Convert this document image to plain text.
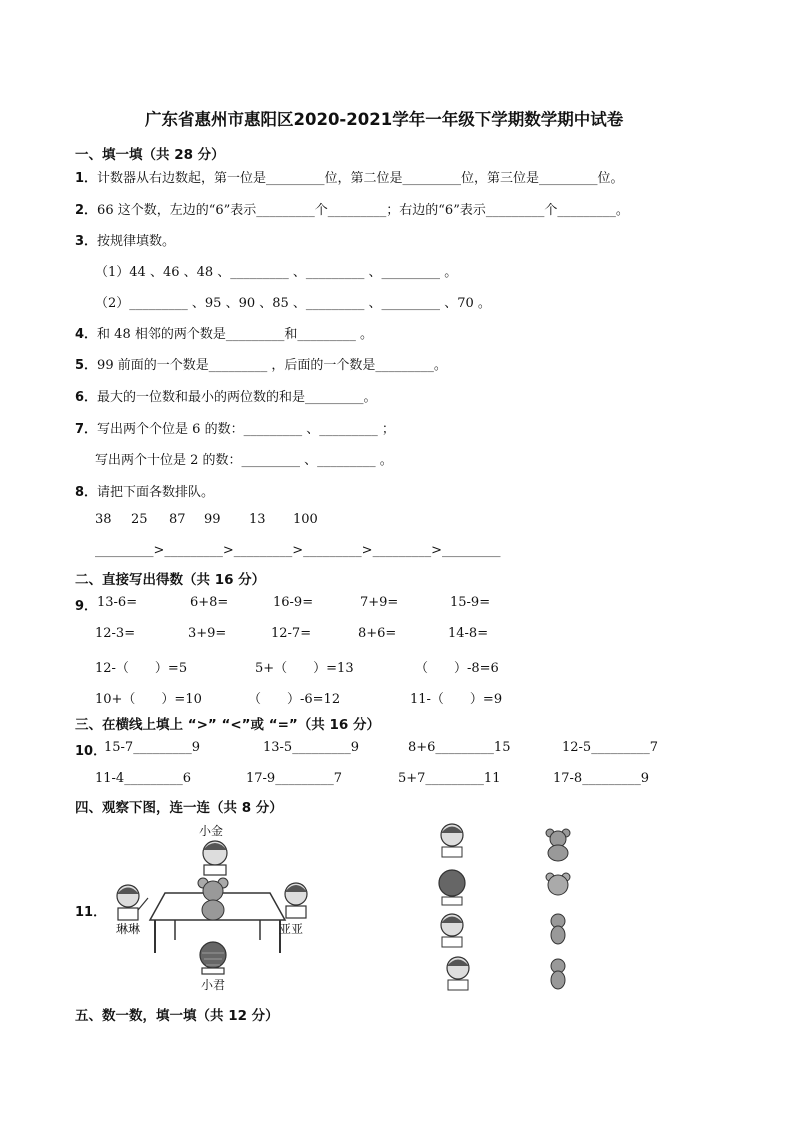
广东省惠州市惠阳区2020-2021学年一年级下学期数学期中试卷
一、填一填（共 28 分）
1．计数器从右边数起，第一位是_________位，第二位是_________位，第三位是_________位。
2．66 这个数，左边的“6”表示_________个_________；右边的“6”表示_________个_________。
3．按规律填数。
（1）44 、46 、48 、_________ 、_________ 、_________ 。
（2）_________ 、95 、90 、85 、_________ 、_________ 、70 。
4．和 48 相邻的两个数是_________和_________ 。
5．99 前面的一个数是_________ ，后面的一个数是_________。
6．最大的一位数和最小的两位数的和是_________。
7．写出两个个位是 6 的数：_________ 、_________ ；
写出两个十位是 2 的数：_________ 、_________ 。
8．请把下面各数排队。
38 25 87 99 13 100
_________>_________>_________>_________>_________>_________
二、直接写出得数（共 16 分）
9． 13-6=	6+8=	16-9=	7+9=	15-9=
12-3=	3+9=	12-7=	8+6=	14-8=
12-（　　）=5	5+（　　）=13	（　　）-8=6
10+（　　）=10	（　　）-6=12	11-（　　）=9
三、在横线上填上 “>” “<”或 “=”（共 16 分）
10．
15-7_________9	13-5_________9	8+6_________15	12-5_________7
11-4_________6	17-9_________7	5+7_________11	17-8_________9
四、观察下图，连一连（共 8 分）
11．
小金
琳琳	亚亚
小君
五、数一数，填一填（共 12 分）
